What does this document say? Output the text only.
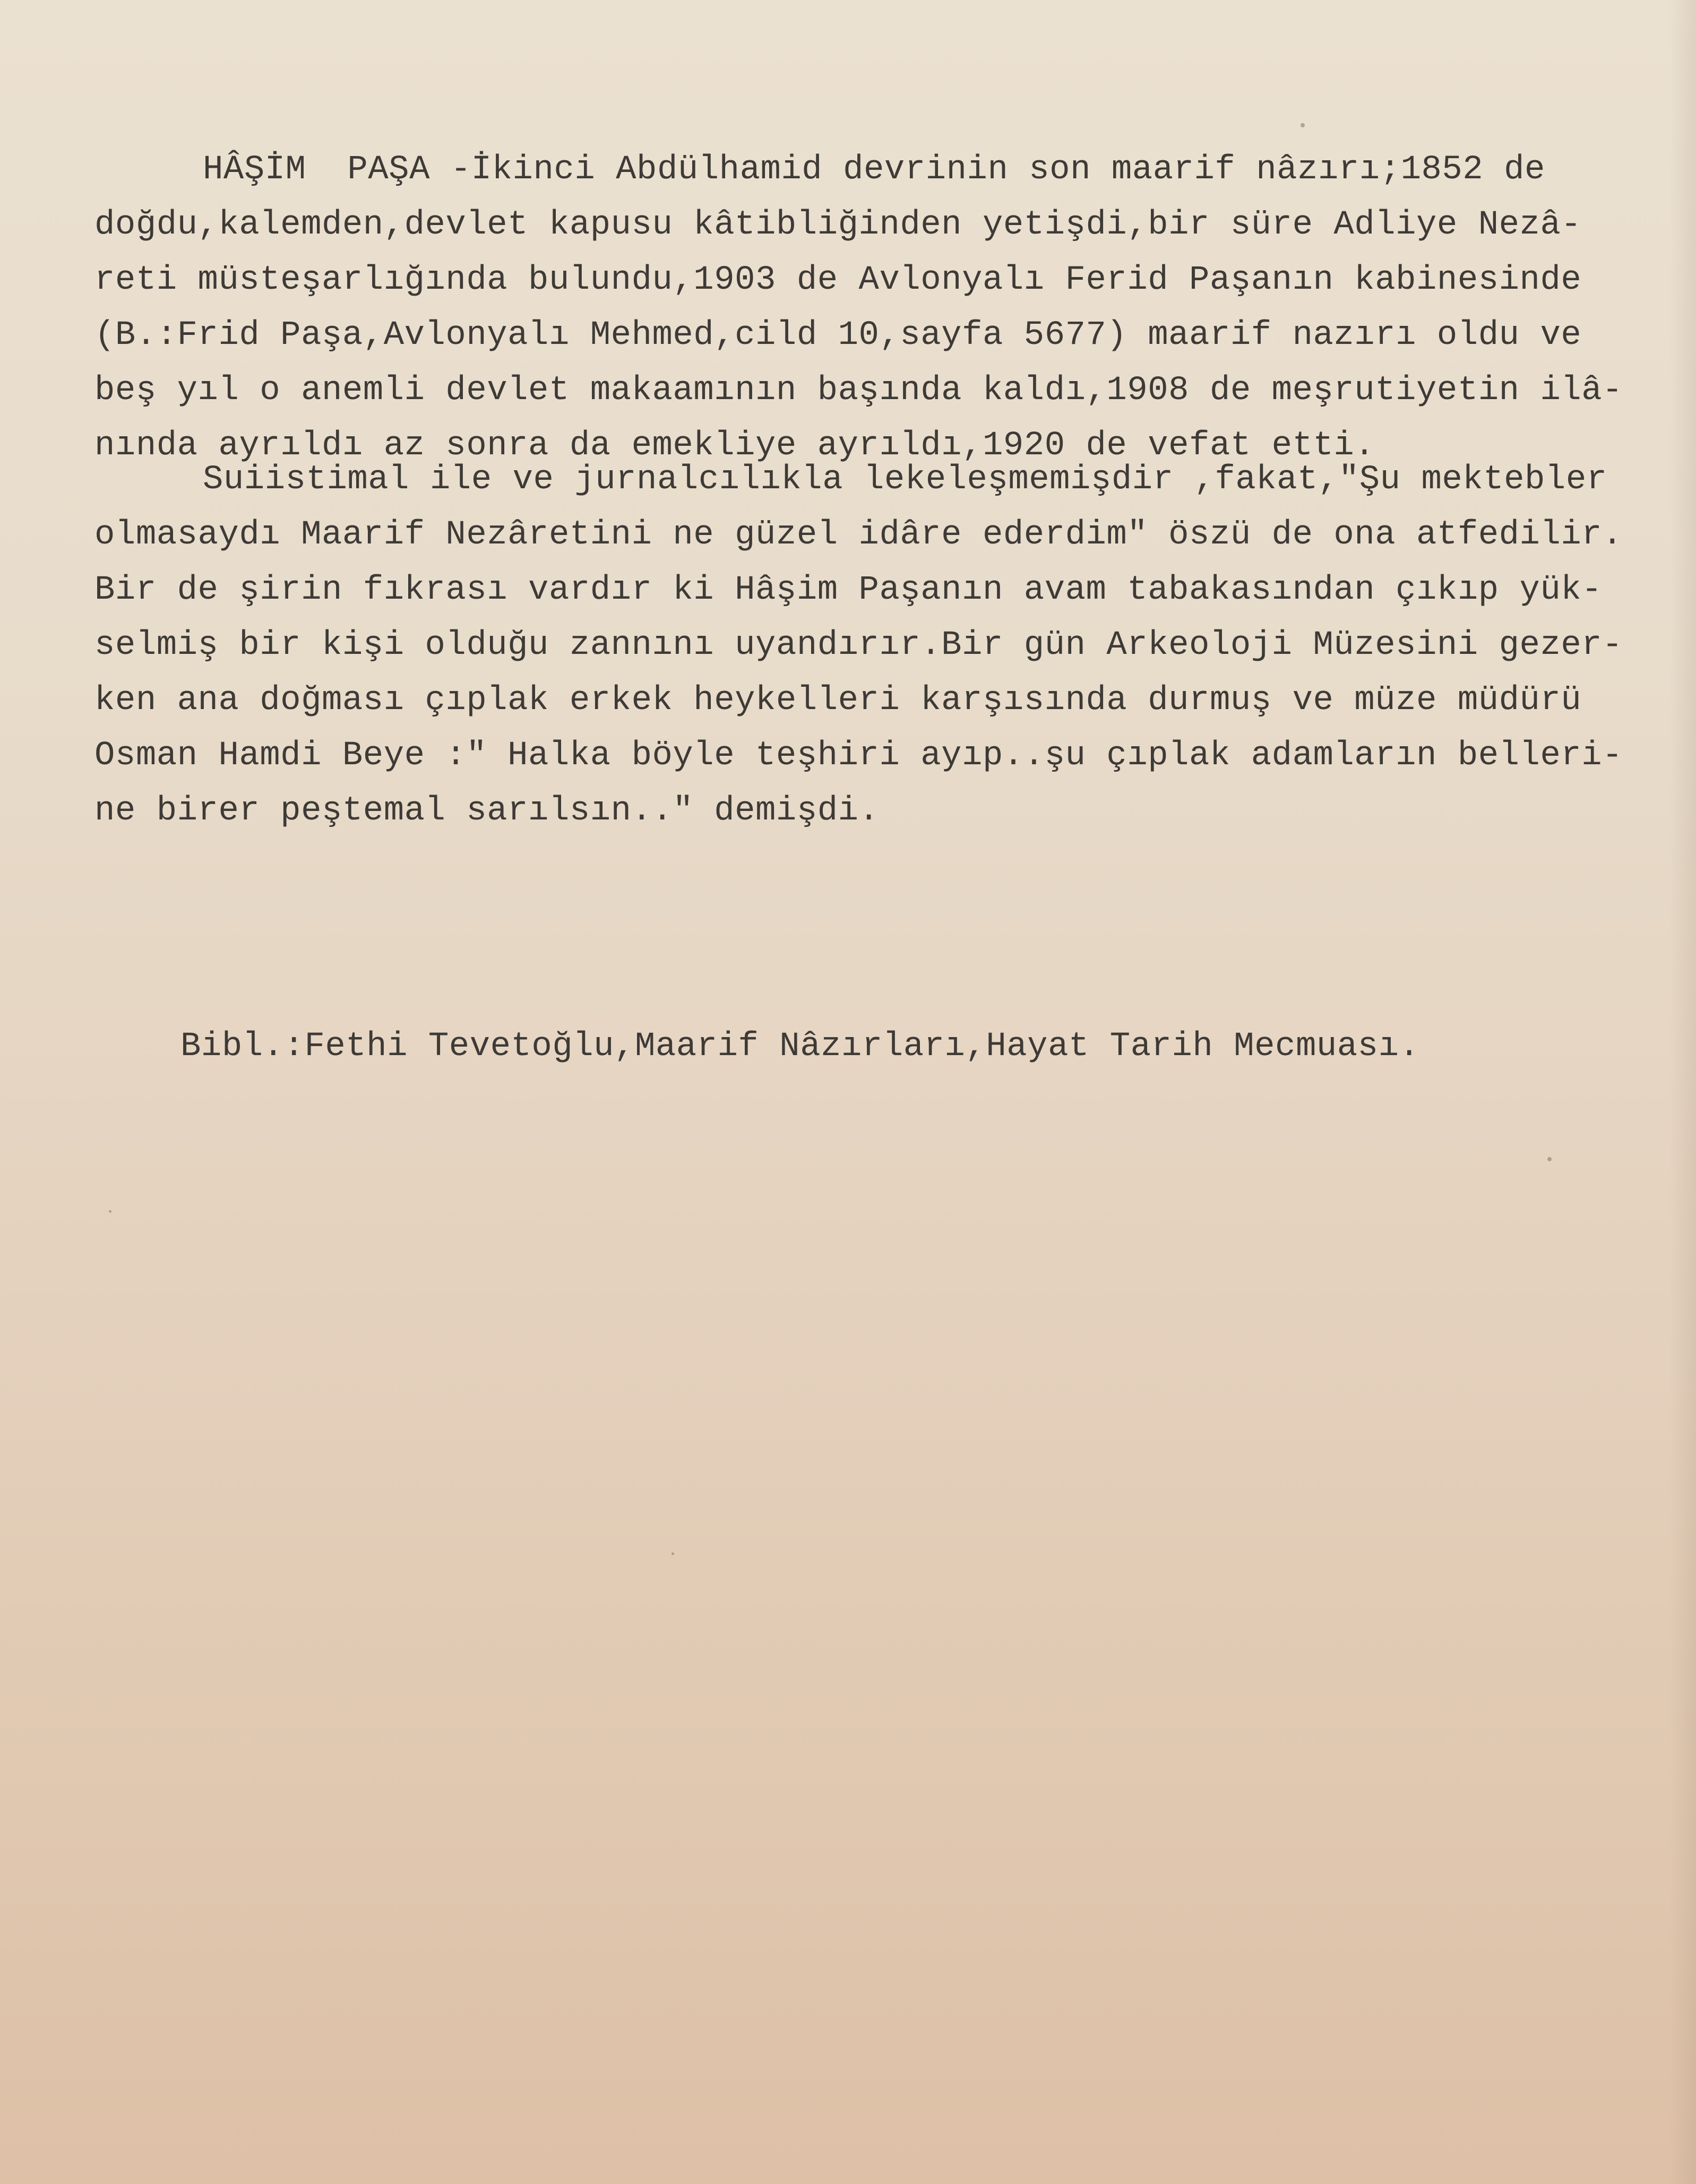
HÂŞİM  PAŞA -İkinci Abdülhamid devrinin son maarif nâzırı;1852 de

doğdu,kalemden,devlet kapusu kâtibliğinden yetişdi,bir süre Adliye Nezâ-

reti müsteşarlığında bulundu,1903 de Avlonyalı Ferid Paşanın kabinesinde

(B.:Frid Paşa,Avlonyalı Mehmed,cild 10,sayfa 5677) maarif nazırı oldu ve

beş yıl o anemli devlet makaamının başında kaldı,1908 de meşrutiyetin ilâ-

nında ayrıldı az sonra da emekliye ayrıldı,1920 de vefat etti.

Suiistimal ile ve jurnalcılıkla lekeleşmemişdir ,fakat,"Şu mektebler

olmasaydı Maarif Nezâretini ne güzel idâre ederdim" öszü de ona atfedilir.

Bir de şirin fıkrası vardır ki Hâşim Paşanın avam tabakasından çıkıp yük-

selmiş bir kişi olduğu zannını uyandırır.Bir gün Arkeoloji Müzesini gezer-

ken ana doğması çıplak erkek heykelleri karşısında durmuş ve müze müdürü

Osman Hamdi Beye :" Halka böyle teşhiri ayıp..şu çıplak adamların belleri-

ne birer peştemal sarılsın.." demişdi.

Bibl.:Fethi Tevetoğlu,Maarif Nâzırları,Hayat Tarih Mecmuası.
